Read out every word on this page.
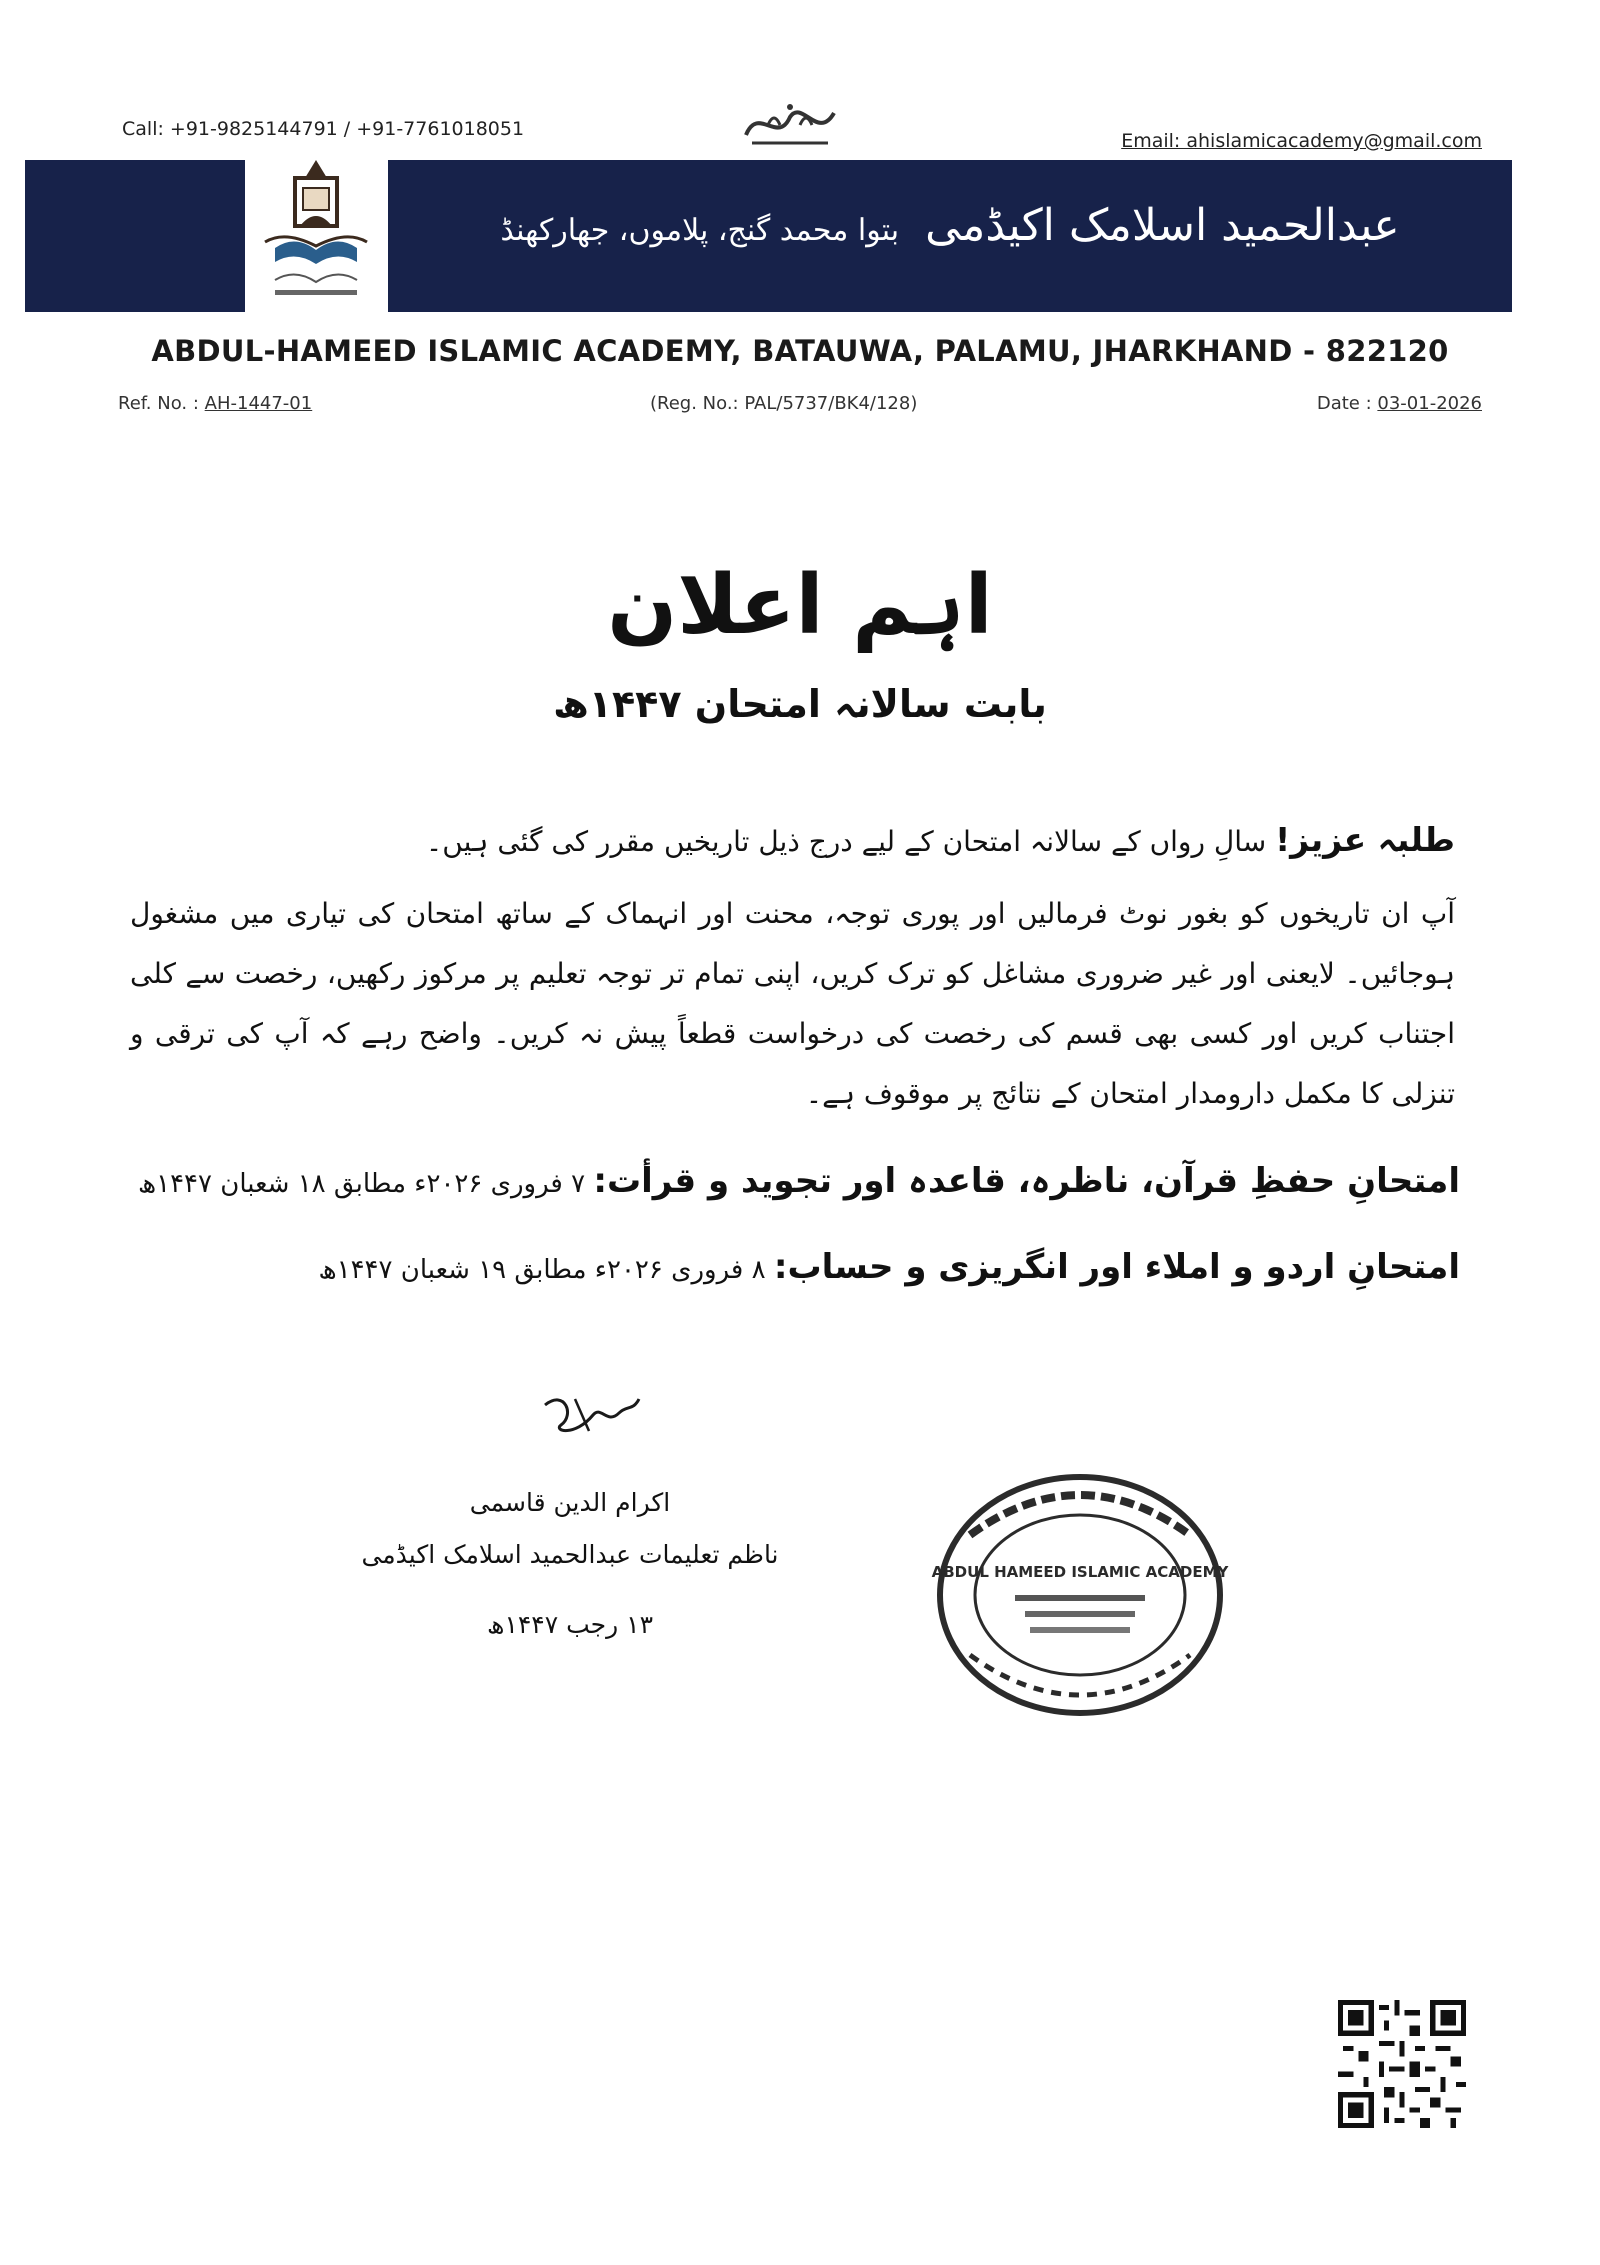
Call: +91-9825144791 / +91-7761018051
Email: ahislamicacademy@gmail.com
عبدالحمید اسلامک اکیڈمی بتوا محمد گنج، پلاموں، جھارکھنڈ
ABDUL-HAMEED ISLAMIC ACADEMY, BATAUWA, PALAMU, JHARKHAND - 822120
Ref. No. : AH-1447-01	(Reg. No.: PAL/5737/BK4/128)	Date : 03-01-2026
اہم اعلان
بابت سالانہ امتحان ۱۴۴۷ھ
طلبہ عزیز! سالِ رواں کے سالانہ امتحان کے لیے درج ذیل تاریخیں مقرر کی گئی ہیں۔
آپ ان تاریخوں کو بغور نوٹ فرمالیں اور پوری توجہ، محنت اور انہماک کے ساتھ امتحان کی تیاری میں مشغول ہوجائیں۔ لایعنی اور غیر ضروری مشاغل کو ترک کریں، اپنی تمام تر توجہ تعلیم پر مرکوز رکھیں، رخصت سے کلی اجتناب کریں اور کسی بھی قسم کی رخصت کی درخواست قطعاً پیش نہ کریں۔ واضح رہے کہ آپ کی ترقی و تنزلی کا مکمل دارومدار امتحان کے نتائج پر موقوف ہے۔
امتحانِ حفظِ قرآن، ناظرہ، قاعدہ اور تجوید و قرأت: ۷ فروری ۲۰۲۶ء مطابق ۱۸ شعبان ۱۴۴۷ھ
امتحانِ اردو و املاء اور انگریزی و حساب: ۸ فروری ۲۰۲۶ء مطابق ۱۹ شعبان ۱۴۴۷ھ
اکرام الدین قاسمی
ناظم تعلیمات عبدالحمید اسلامک اکیڈمی
۱۳ رجب ۱۴۴۷ھ
ABDUL HAMEED ISLAMIC ACADEMY
